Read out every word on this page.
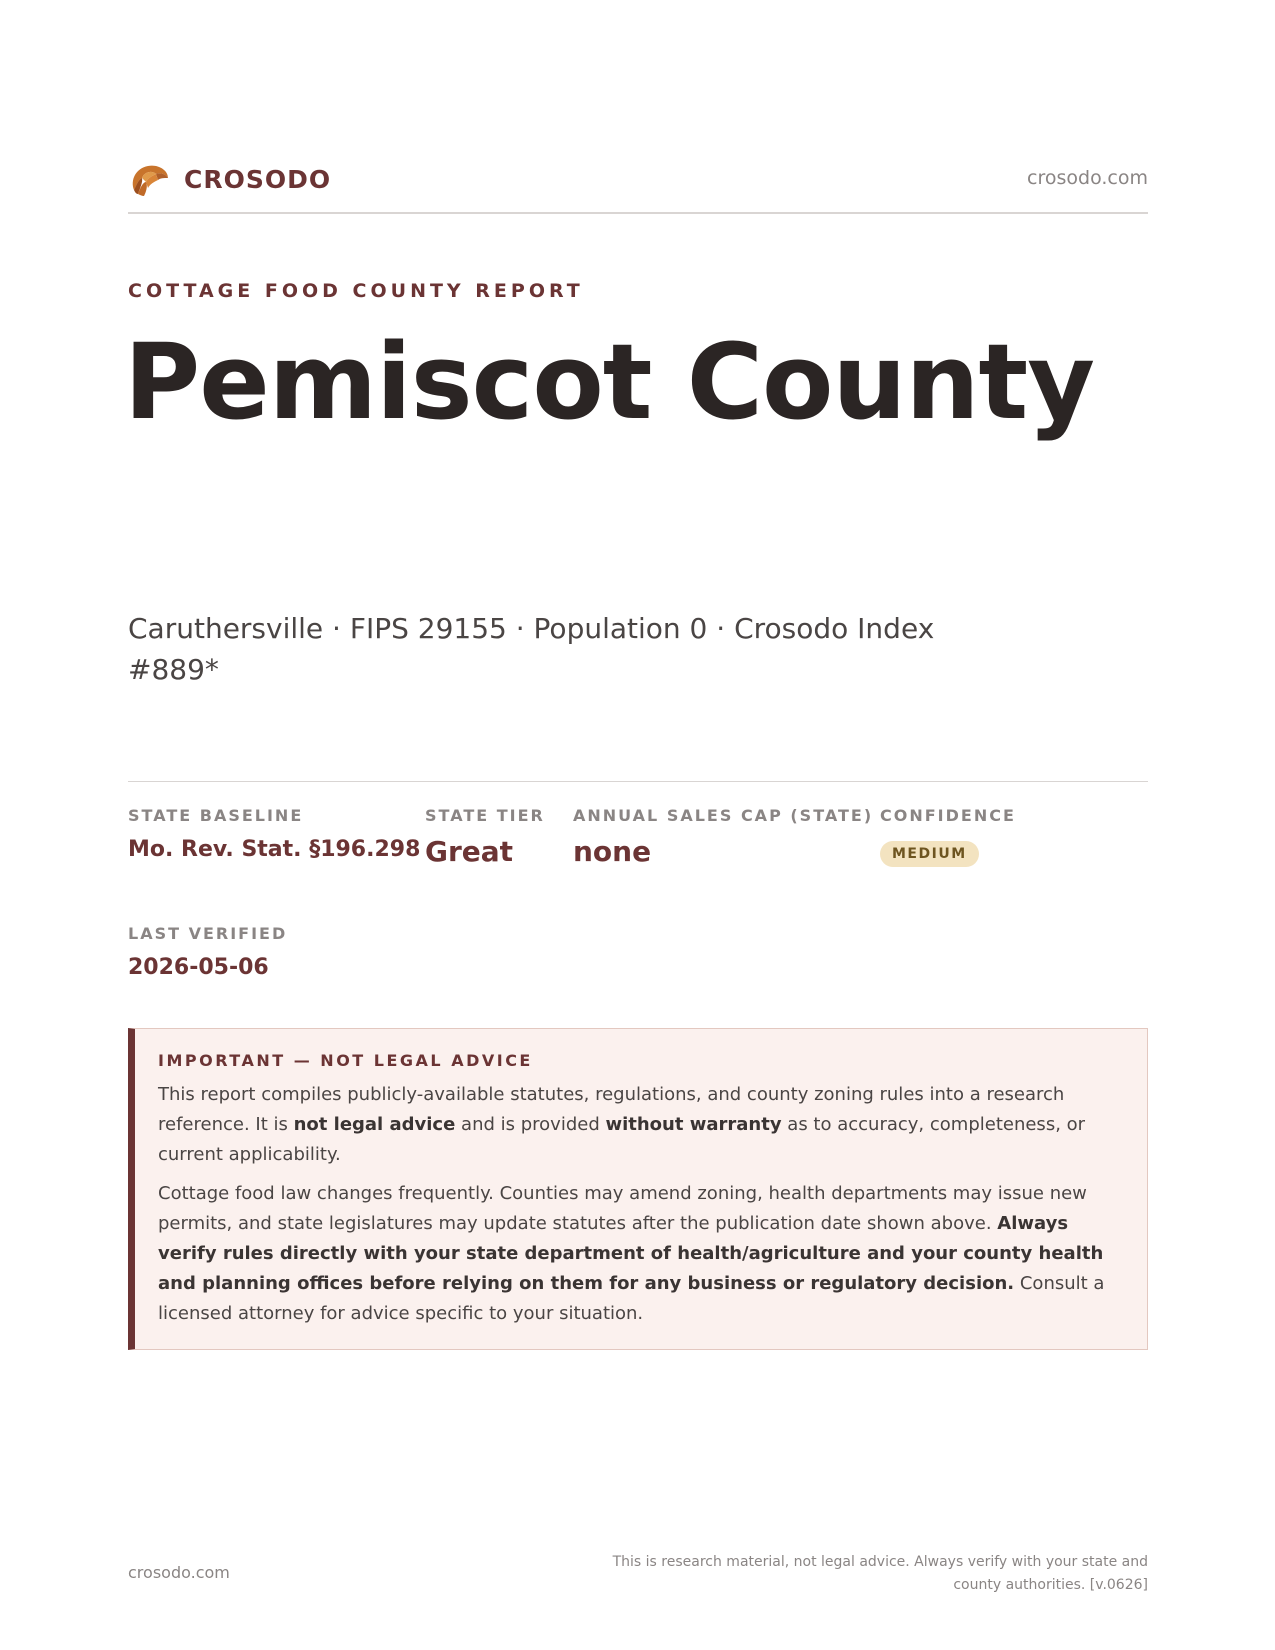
CROSODO	crosodo.com
COTTAGE FOOD COUNTY REPORT
Pemiscot County
Caruthersville · FIPS 29155 · Population 0 · Crosodo Index #889*
STATE BASELINE
Mo. Rev. Stat. §196.298
STATE TIER
Great
ANNUAL SALES CAP (STATE)
none
CONFIDENCE
MEDIUM
LAST VERIFIED
2026-05-06
IMPORTANT — NOT LEGAL ADVICE

This report compiles publicly-available statutes, regulations, and county zoning rules into a research reference. It is not legal advice and is provided without warranty as to accuracy, completeness, or current applicability.

Cottage food law changes frequently. Counties may amend zoning, health departments may issue new permits, and state legislatures may update statutes after the publication date shown above. Always verify rules directly with your state department of health/agriculture and your county health and planning offices before relying on them for any business or regulatory decision. Consult a licensed attorney for advice specific to your situation.

crosodo.com
This is research material, not legal advice. Always verify with your state and county authorities. [v.0626]
